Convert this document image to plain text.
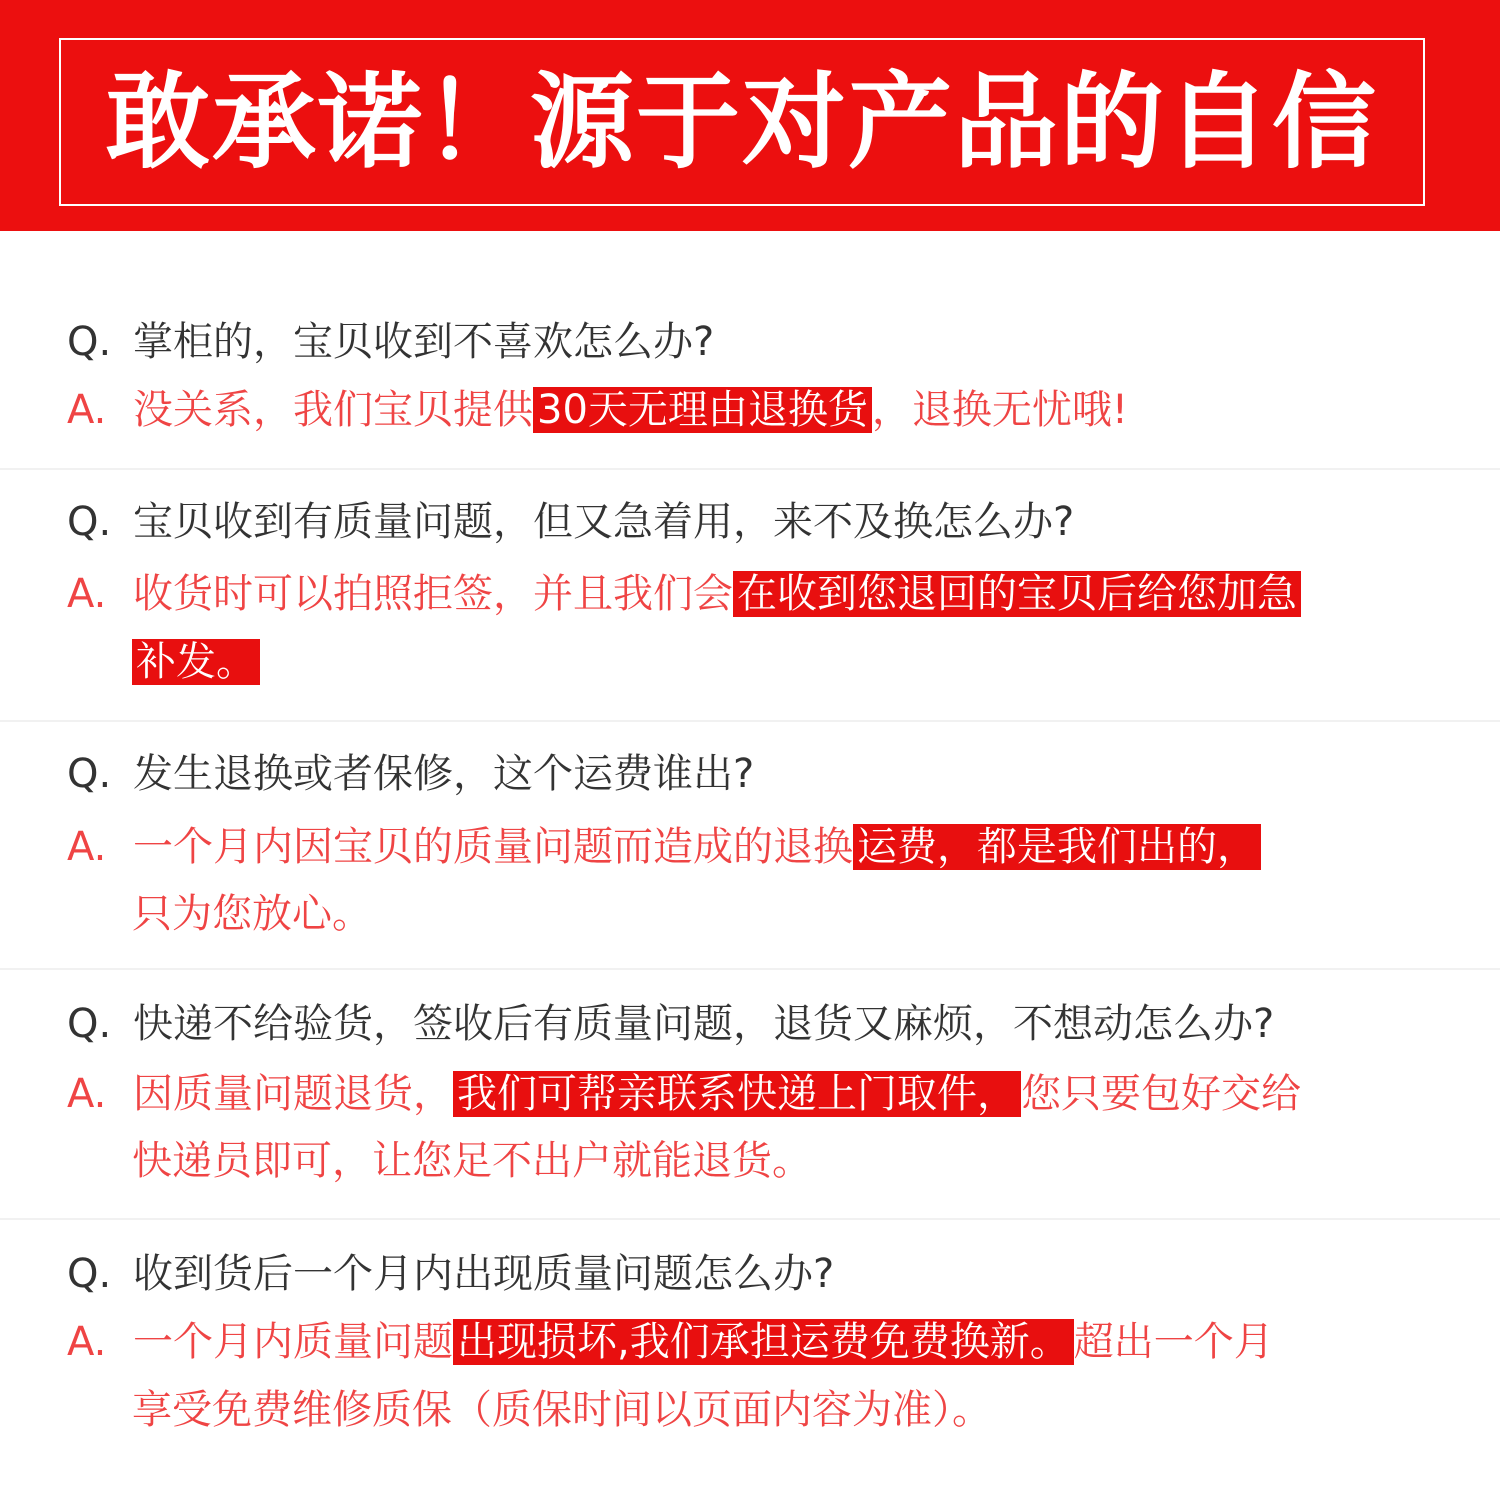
敢承诺！源于对产品的自信
Q. 掌柜的，宝贝收到不喜欢怎么办?
A. 没关系，我们宝贝提供 30天无理由退换货 ，退换无忧哦!
Q. 宝贝收到有质量问题，但又急着用，来不及换怎么办?
A. 收货时可以拍照拒签，并且我们会 在收到您退回的宝贝后给您加急
补发。
Q. 发生退换或者保修，这个运费谁出?
A. 一个月内因宝贝的质量问题而造成的退换 运费，都是我们出的，
只为您放心。
Q. 快递不给验货，签收后有质量问题，退货又麻烦，不想动怎么办?
A. 因质量问题退货， 我们可帮亲联系快递上门取件， 您只要包好交给
快递员即可，让您足不出户就能退货。
Q. 收到货后一个月内出现质量问题怎么办?
A. 一个月内质量问题 出现损坏,我们承担运费免费换新。 超出一个月
享受免费维修质保（质保时间以页面内容为准）。
